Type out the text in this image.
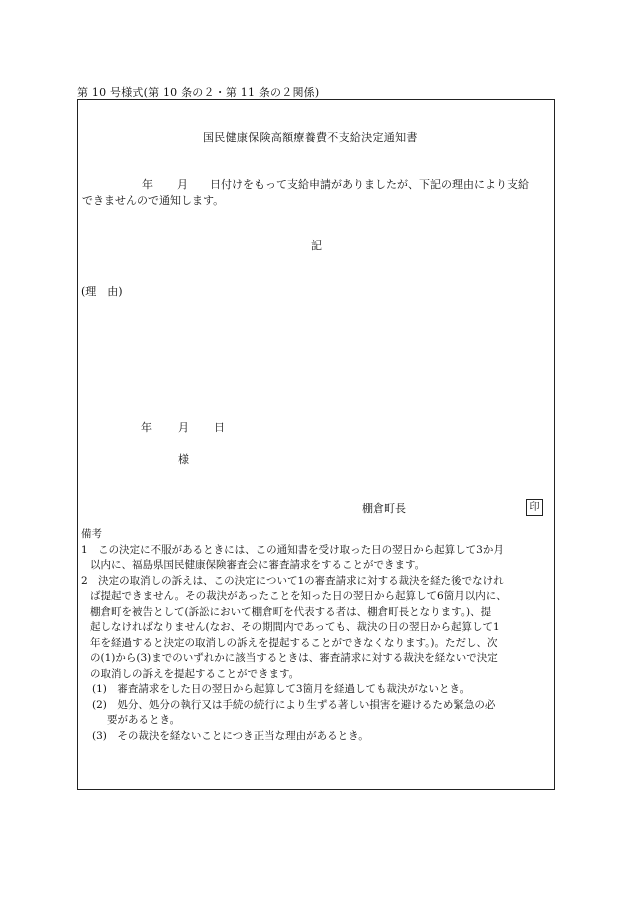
第 10 号様式(第 10 条の２・第 11 条の２関係)
国民健康保険高額療養費不支給決定通知書
年 月 日付けをもって支給申請がありましたが、下記の理由により支給
できませんので通知します。
記
(理　由)
年 月 日
様
棚倉町長	印
備考
1　この決定に不服があるときには、この通知書を受け取った日の翌日から起算して3か月
以内に、福島県国民健康保険審査会に審査請求をすることができます。
2　決定の取消しの訴えは、この決定について1の審査請求に対する裁決を経た後でなけれ
ば提起できません。その裁決があったことを知った日の翌日から起算して6箇月以内に、
棚倉町を被告として(訴訟において棚倉町を代表する者は、棚倉町長となります。)、提
起しなければなりません(なお、その期間内であっても、裁決の日の翌日から起算して1
年を経過すると決定の取消しの訴えを提起することができなくなります。)。ただし、次
の(1)から(3)までのいずれかに該当するときは、審査請求に対する裁決を経ないで決定
の取消しの訴えを提起することができます。
(1)　審査請求をした日の翌日から起算して3箇月を経過しても裁決がないとき。
(2)　処分、処分の執行又は手続の続行により生ずる著しい損害を避けるため緊急の必
要があるとき。
(3)　その裁決を経ないことにつき正当な理由があるとき。
